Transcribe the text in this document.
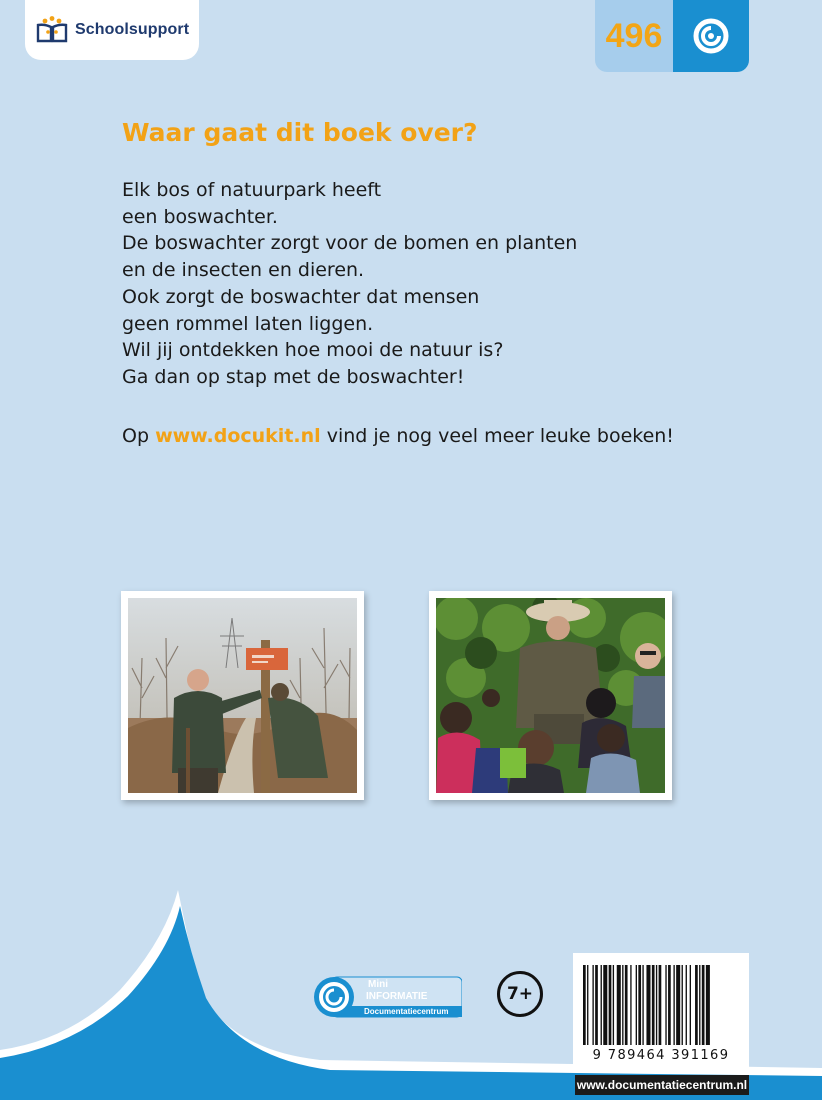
Schoolsupport	496
Waar gaat dit boek over?

Elk bos of natuurpark heeft
een boswachter.
De boswachter zorgt voor de bomen en planten
en de insecten en dieren.
Ook zorgt de boswachter dat mensen
geen rommel laten liggen.
Wil jij ontdekken hoe mooi de natuur is?
Ga dan op stap met de boswachter!

Op www.docukit.nl vind je nog veel meer leuke boeken!
Mini
INFORMATIE
Documentatiecentrum
7+
9 789464 391169
www.documentatiecentrum.nl
